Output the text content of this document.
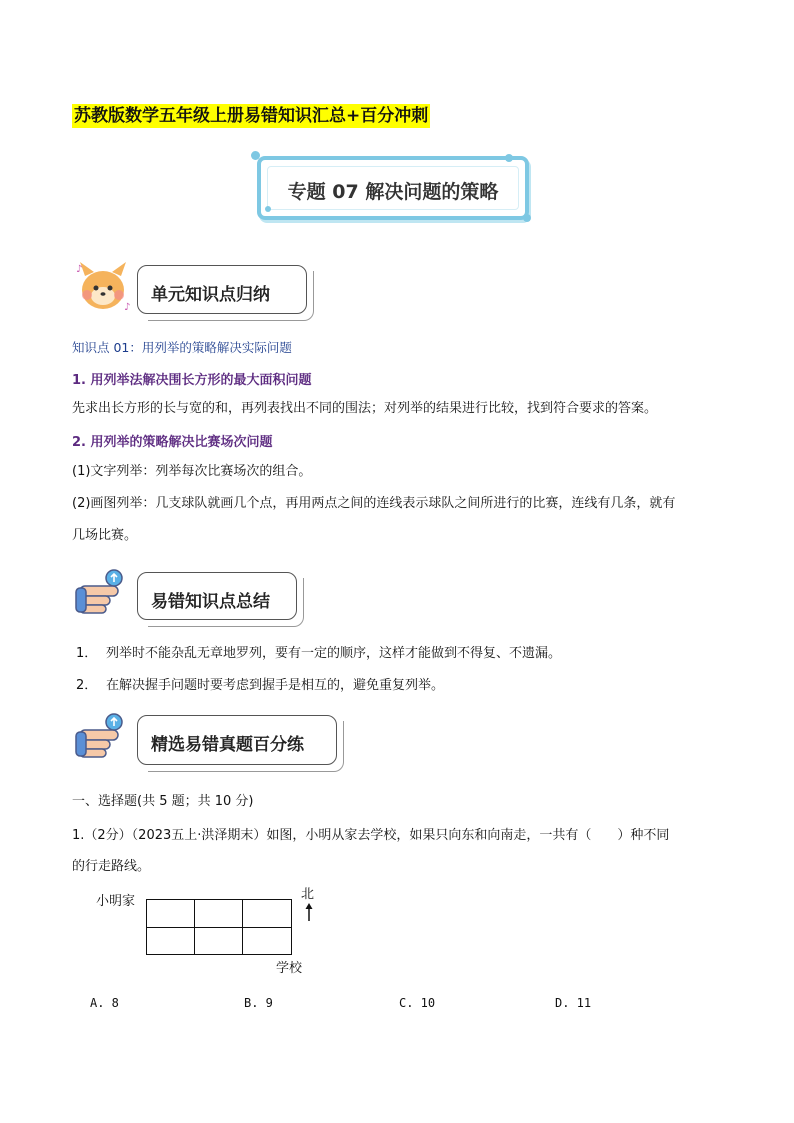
苏教版数学五年级上册易错知识汇总+百分冲刺
专题 07 解决问题的策略
♪
♪
单元知识点归纳
知识点 01：用列举的策略解决实际问题
1. 用列举法解决围长方形的最大面积问题
先求出长方形的长与宽的和，再列表找出不同的围法；对列举的结果进行比较，找到符合要求的答案。
2. 用列举的策略解决比赛场次问题
(1)文字列举：列举每次比赛场次的组合。
(2)画图列举：几支球队就画几个点，再用两点之间的连线表示球队之间所进行的比赛，连线有几条，就有
几场比赛。
易错知识点总结
1． 列举时不能杂乱无章地罗列，要有一定的顺序，这样才能做到不得复、不遗漏。
2． 在解决握手问题时要考虑到握手是相互的，避免重复列举。
精选易错真题百分练
一、选择题(共 5 题；共 10 分)
1.（2分）（2023五上·洪泽期末）如图，小明从家去学校，如果只向东和向南走，一共有（　　）种不同
的行走路线。
小明家	北
学校
A. 8	B. 9	C. 10	D. 11
